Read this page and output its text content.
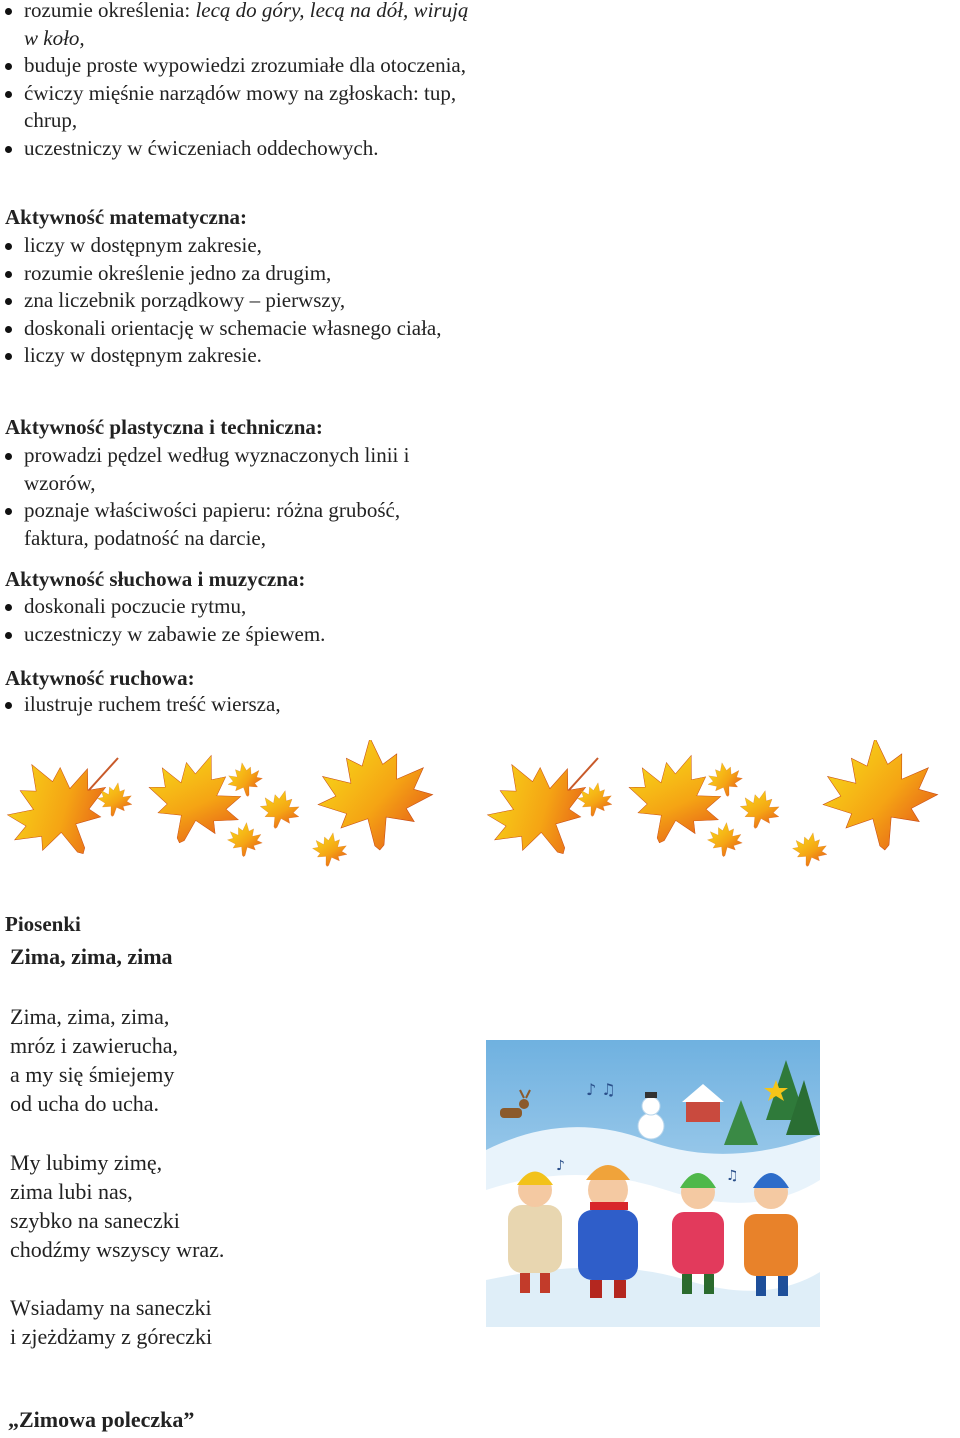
rozumie określenia: lecą do góry, lecą na dół, wirują w koło,
buduje proste wypowiedzi zrozumiałe dla otoczenia,
ćwiczy mięśnie narządów mowy na zgłoskach: tup, chrup,
uczestniczy w ćwiczeniach oddechowych.
Aktywność matematyczna:
liczy w dostępnym zakresie,
rozumie określenie jedno za drugim,
zna liczebnik porządkowy – pierwszy,
doskonali orientację w schemacie własnego ciała,
liczy w dostępnym zakresie.
Aktywność plastyczna i techniczna:
prowadzi pędzel według wyznaczonych linii i wzorów,
poznaje właściwości papieru: różna grubość, faktura, podatność na darcie,
Aktywność słuchowa i muzyczna:
doskonali poczucie rytmu,
uczestniczy w zabawie ze śpiewem.
Aktywność ruchowa:
ilustruje ruchem treść wiersza,
Piosenki
Zima, zima, zima
Zima, zima, zima,
mróz i zawierucha,
a my się śmiejemy
od ucha do ucha.
My lubimy zimę,
zima lubi nas,
szybko na saneczki
chodźmy wszyscy wraz.
Wsiadamy na saneczki
i zjeżdżamy z góreczki
♪ ♫
♪
♫
„Zimowa poleczka”
